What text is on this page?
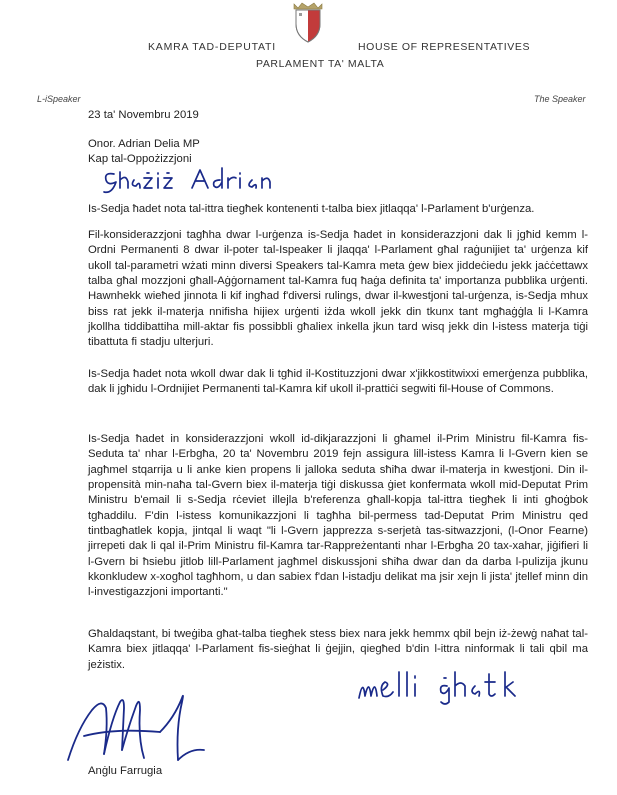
KAMRA TAD-DEPUTATI	HOUSE OF REPRESENTATIVES
PARLAMENT TA' MALTA
L-iSpeaker	The Speaker
23 ta' Novembru 2019
Onor. Adrian Delia MP
Kap tal-Oppożizzjoni

Is-Sedja ħadet nota tal-ittra tiegħek kontenenti t-talba biex jitlaqqa' l-Parlament b'urġenza.

Fil-konsiderazzjoni tagħha dwar l-urġenza is-Sedja ħadet in konsiderazzjoni dak li jgħid kemm l-Ordni Permanenti 8 dwar il-poter tal-Ispeaker li jlaqqa' l-Parlament għal raġunijiet ta' urġenza kif ukoll tal-parametri wżati minn diversi Speakers tal-Kamra meta ġew biex jiddeċiedu jekk jaċċettawx talba għal mozzjoni għall-Aġġornament tal-Kamra fuq ħaġa definita ta' importanza pubblika urġenti. Hawnhekk wieħed jinnota li kif ingħad f'diversi rulings, dwar il-kwestjoni tal-urġenza, is-Sedja mhux biss rat jekk il-materja nnifisha hijiex urġenti iżda wkoll jekk din tkunx tant mgħaġġla li l-Kamra jkollha tiddibattiha mill-aktar fis possibbli għaliex inkella jkun tard wisq jekk din l-istess materja tiġi tibattuta fi stadju ulterjuri.

Is-Sedja ħadet nota wkoll dwar dak li tgħid il-Kostituzzjoni dwar x'jikkostitwixxi emerġenza pubblika, dak li jgħidu l-Ordnijiet Permanenti tal-Kamra kif ukoll il-prattiċi segwiti fil-House of Commons.

Is-Sedja ħadet in konsiderazzjoni wkoll id-dikjarazzjoni li għamel il-Prim Ministru fil-Kamra fis-Seduta ta' nhar l-Erbgħa, 20 ta' Novembru 2019 fejn assigura lill-istess Kamra li l-Gvern kien se jagħmel stqarrija u li anke kien propens li jalloka seduta sħiħa dwar il-materja in kwestjoni. Din il-propensità min-naħa tal-Gvern biex il-materja tiġi diskussa ġiet konfermata wkoll mid-Deputat Prim Ministru b'email li s-Sedja rċeviet illejla b'referenza għall-kopja tal-ittra tiegħek li inti għoġbok tgħaddilu. F'din l-istess komunikazzjoni li tagħha bil-permess tad-Deputat Prim Ministru qed tintbagħatlek kopja, jintqal li waqt "li l-Gvern japprezza s-serjetà tas-sitwazzjoni, (l-Onor Fearne) jirrepeti dak li qal il-Prim Ministru fil-Kamra tar-Rappreżentanti nhar l-Erbgħa 20 tax-xahar, jiġifieri li l-Gvern bi ħsiebu jitlob lill-Parlament jagħmel diskussjoni sħiħa dwar dan da darba l-pulizija jkunu kkonkludew x-xogħol tagħhom, u dan sabiex f'dan l-istadju delikat ma jsir xejn li jista' jtellef minn din l-investigazzjoni importanti."

Għaldaqstant, bi tweġiba għat-talba tiegħek stess biex nara jekk hemmx qbil bejn iż-żewġ naħat tal-Kamra biex jitlaqqa' l-Parlament fis-sieġhat li ġejjin, qiegħed b'din l-ittra ninformak li tali qbil ma jeżistix.

Anġlu Farrugia
